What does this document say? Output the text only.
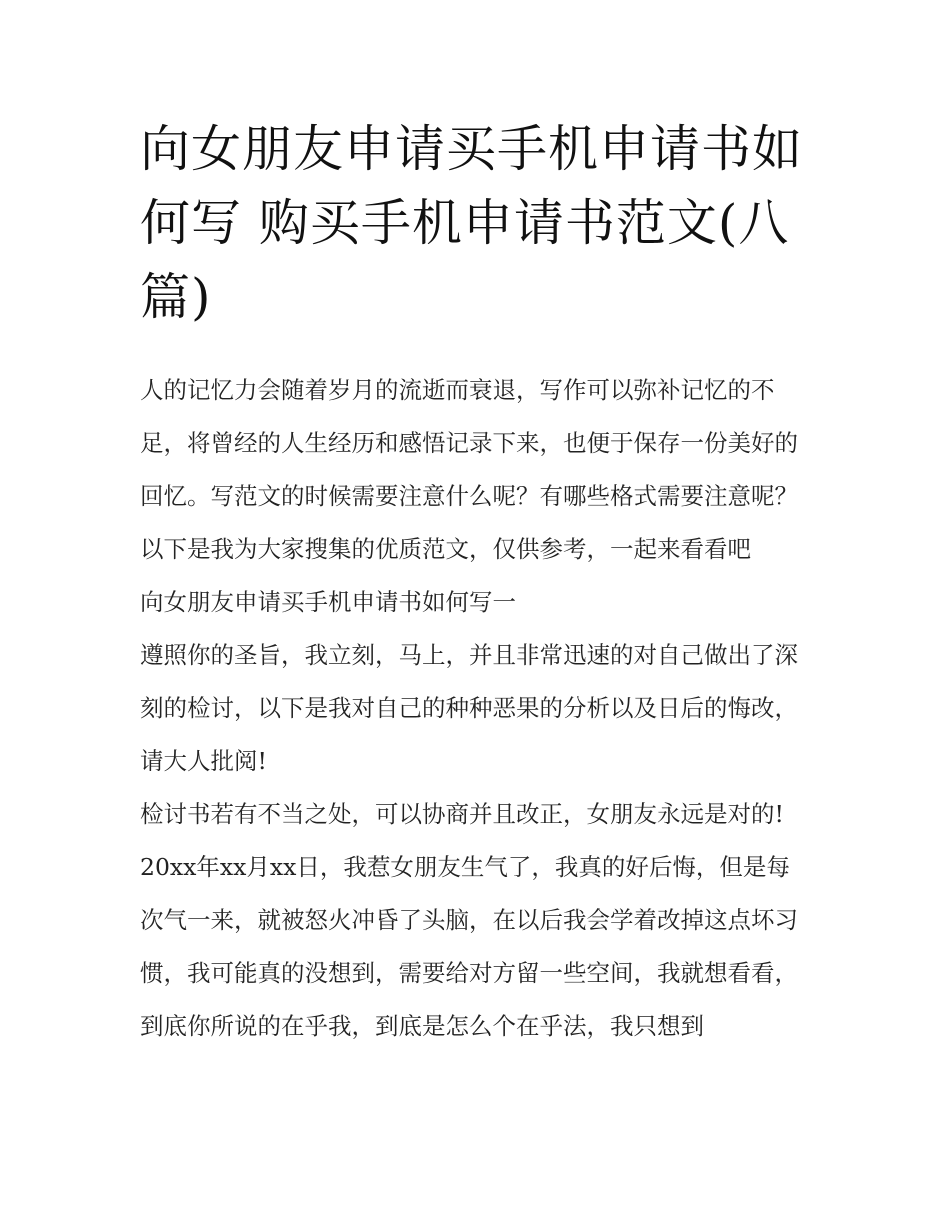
向女朋友申请买手机申请书如何写 购买手机申请书范文(八篇)

人的记忆力会随着岁月的流逝而衰退，写作可以弥补记忆的不足，将曾经的人生经历和感悟记录下来，也便于保存一份美好的回忆。写范文的时候需要注意什么呢？有哪些格式需要注意呢？以下是我为大家搜集的优质范文，仅供参考，一起来看看吧

向女朋友申请买手机申请书如何写一

遵照你的圣旨，我立刻，马上，并且非常迅速的对自己做出了深刻的检讨，以下是我对自己的种种恶果的分析以及日后的悔改，请大人批阅!

检讨书若有不当之处，可以协商并且改正，女朋友永远是对的!

20xx年xx月xx日，我惹女朋友生气了，我真的好后悔，但是每次气一来，就被怒火冲昏了头脑，在以后我会学着改掉这点坏习惯，我可能真的没想到，需要给对方留一些空间，我就想看看，到底你所说的在乎我，到底是怎么个在乎法，我只想到
